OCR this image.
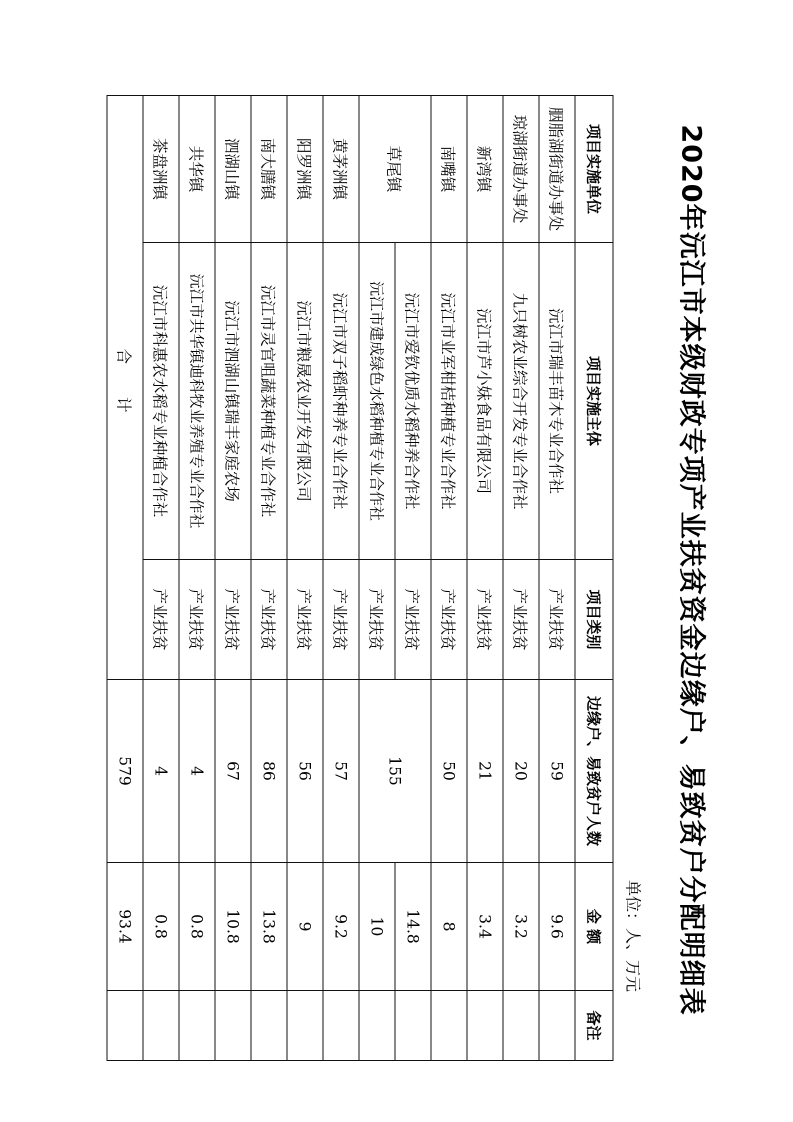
2020年沅江市本级财政专项产业扶贫资金边缘户、易致贫户分配明细表
单位：人、万元
项目实施单位	项目实施主体	项目类别	边缘户、易致贫户人数	金 额	备注
胭脂湖街道办事处	沅江市瑞丰苗木专业合作社	产业扶贫	59	9.6	
琼湖街道办事处	九只树农业综合开发专业合作社	产业扶贫	20	3.2	
新湾镇	沅江市芦小妹食品有限公司	产业扶贫	21	3.4	
南嘴镇	沅江市业军柑桔种植专业合作社	产业扶贫	50	8	
草尾镇	沅江市爱钦优质水稻种养合作社	产业扶贫	155	14.8	
	沅江市建成绿色水稻种植专业合作社	产业扶贫		10	
黄茅洲镇	沅江市双子稻虾种养专业合作社	产业扶贫	57	9.2	
阳罗洲镇	沅江市粮晟农业开发有限公司	产业扶贫	56	9	
南大膳镇	沅江市灵官咀蔬菜种植专业合作社	产业扶贫	86	13.8	
泗湖山镇	沅江市泗湖山镇瑞丰家庭农场	产业扶贫	67	10.8	
共华镇	沅江市共华镇迪科牧业养殖专业合作社	产业扶贫	4	0.8	
茶盘洲镇	沅江市科惠农水稻专业种植合作社	产业扶贫	4	0.8	
合 计			579	93.4	
